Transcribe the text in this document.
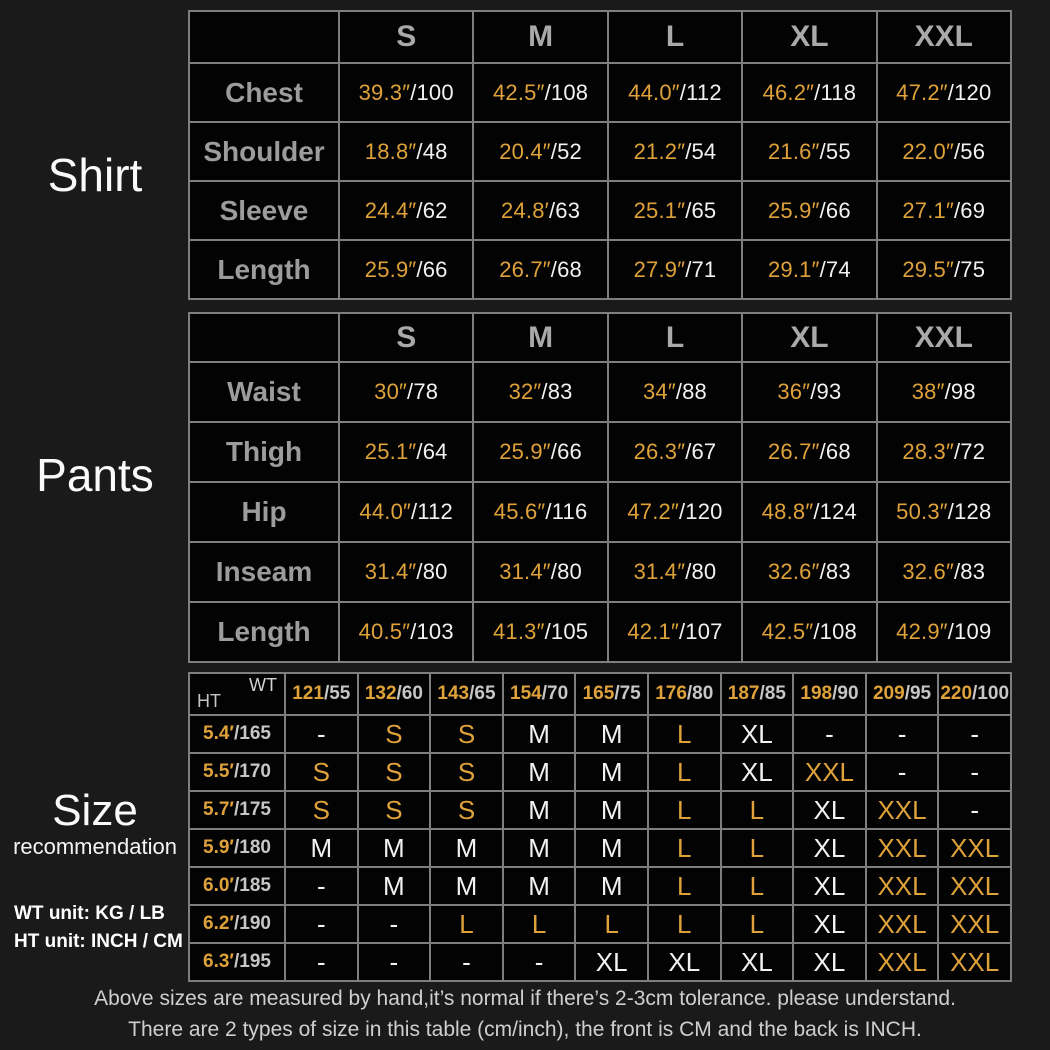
Shirt
	S	M	L	XL	XXL
Chest	39.3″/100	42.5″/108	44.0″/112	46.2″/118	47.2″/120
Shoulder	18.8″/48	20.4″/52	21.2″/54	21.6″/55	22.0″/56
Sleeve	24.4″/62	24.8′/63	25.1″/65	25.9″/66	27.1″/69
Length	25.9″/66	26.7″/68	27.9″/71	29.1″/74	29.5″/75
Pants
	S	M	L	XL	XXL
Waist	30″/78	32″/83	34″/88	36″/93	38″/98
Thigh	25.1″/64	25.9″/66	26.3″/67	26.7″/68	28.3″/72
Hip	44.0″/112	45.6″/116	47.2″/120	48.8″/124	50.3″/128
Inseam	31.4″/80	31.4″/80	31.4″/80	32.6″/83	32.6″/83
Length	40.5″/103	41.3″/105	42.1″/107	42.5″/108	42.9″/109
Size
recommendation
WT unit: KG / LB
HT unit: INCH / CM
WT
HT	121/55	132/60	143/65	154/70	165/75	176/80	187/85	198/90	209/95	220/100
5.4′/165	-	S	S	M	M	L	XL	-	-	-
5.5′/170	S	S	S	M	M	L	XL	XXL	-	-
5.7′/175	S	S	S	M	M	L	L	XL	XXL	-
5.9′/180	M	M	M	M	M	L	L	XL	XXL	XXL
6.0′/185	-	M	M	M	M	L	L	XL	XXL	XXL
6.2′/190	-	-	L	L	L	L	L	XL	XXL	XXL
6.3′/195	-	-	-	-	XL	XL	XL	XL	XXL	XXL
Above sizes are measured by hand,it’s normal if there’s 2-3cm tolerance. please understand.
There are 2 types of size in this table (cm/inch), the front is CM and the back is INCH.
